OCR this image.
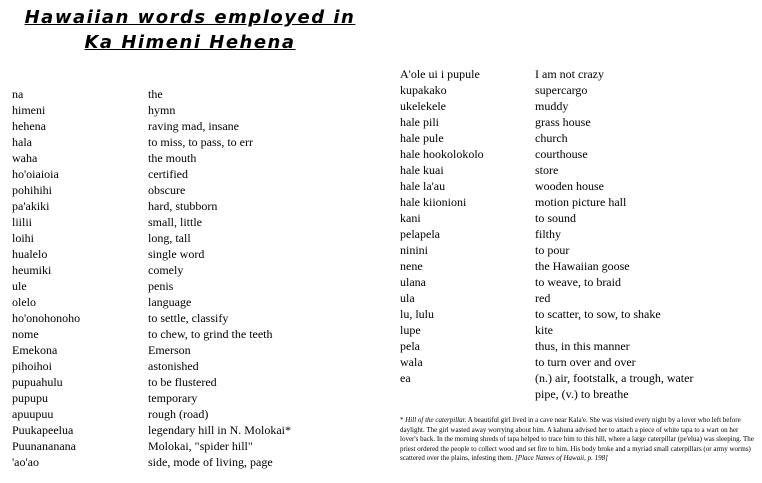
Hawaiian words employed in
Ka Himeni Hehena
na	the
himeni	hymn
hehena	raving mad, insane
hala	to miss, to pass, to err
waha	the mouth
ho'oiaioia	certified
pohihihi	obscure
pa'akiki	hard, stubborn
liilii	small, little
loihi	long, tall
hualelo	single word
heumiki	comely
ule	penis
olelo	language
ho'onohonoho	to settle, classify
nome	to chew, to grind the teeth
Emekona	Emerson
pihoihoi	astonished
pupuahulu	to be flustered
pupupu	temporary
apuupuu	rough (road)
Puukapeelua	legendary hill in N. Molokai*
Puunananana	Molokai, "spider hill"
'ao'ao	side, mode of living, page
A'ole ui i pupule	I am not crazy
kupakako	supercargo
ukelekele	muddy
hale pili	grass house
hale pule	church
hale hookolokolo	courthouse
hale kuai	store
hale la'au	wooden house
hale kiionioni	motion picture hall
kani	to sound
pelapela	filthy
ninini	to pour
nene	the Hawaiian goose
ulana	to weave, to braid
ula	red
lu, lulu	to scatter, to sow, to shake
lupe	kite
pela	thus, in this manner
wala	to turn over and over
ea	(n.) air, footstalk, a trough, water
pipe, (v.) to breathe
* Hill of the caterpillar. A beautiful girl lived in a cave near Kala'e. She was visited every night by a lover who left before daylight. The girl wasted away worrying about him. A kahuna advised her to attach a piece of white tapa to a wart on her lover's back. In the morning shreds of tapa helped to trace him to this hill, where a large caterpillar (pe'elua) was sleeping. The priest ordered the people to collect wood and set fire to him. His body broke and a myriad small caterpillars (or army worms) scattered over the plains, infesting them. [Place Names of Hawaii, p. 198]
